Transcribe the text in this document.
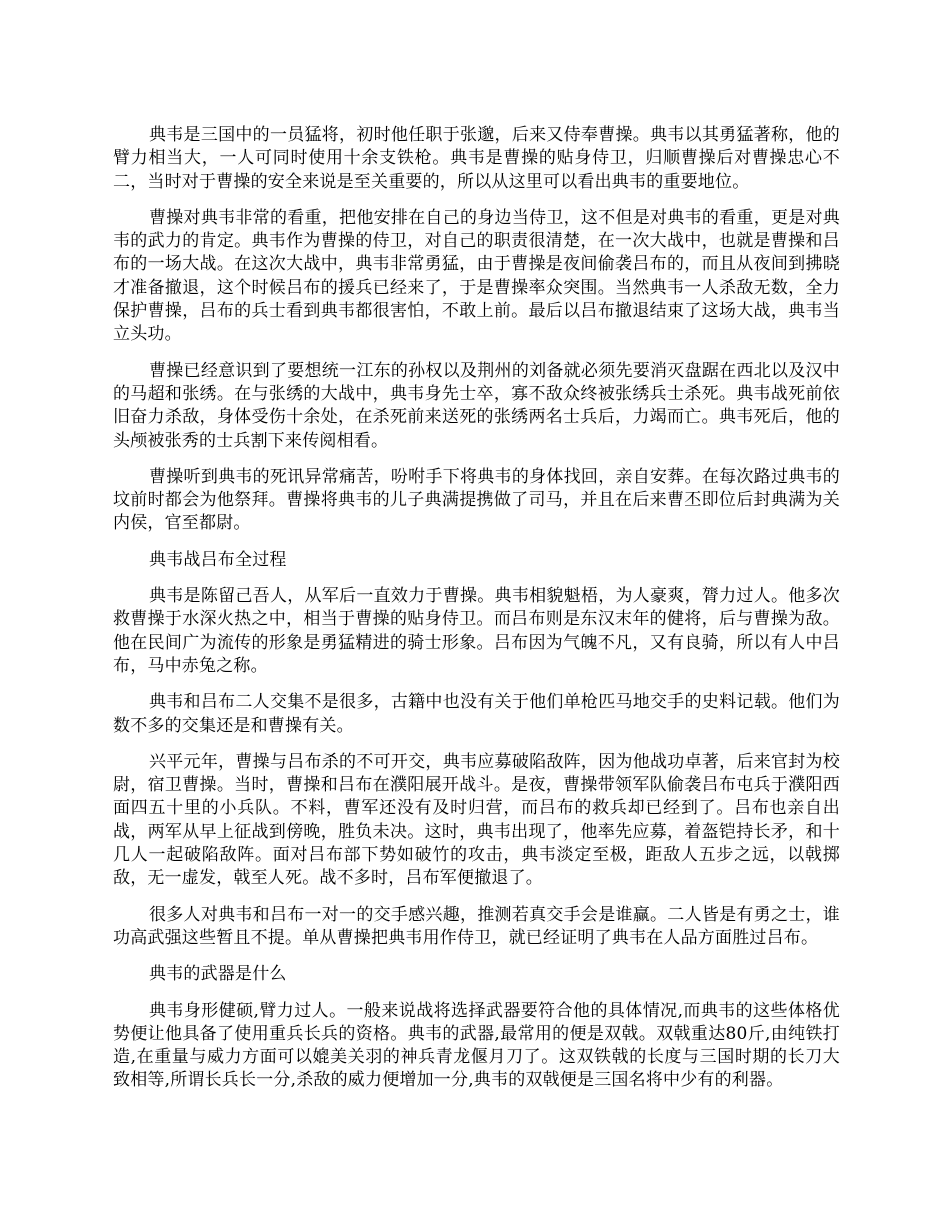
典韦是三国中的一员猛将，初时他任职于张邈，后来又侍奉曹操。典韦以其勇猛著称，他的臂力相当大，一人可同时使用十余支铁枪。典韦是曹操的贴身侍卫，归顺曹操后对曹操忠心不二，当时对于曹操的安全来说是至关重要的，所以从这里可以看出典韦的重要地位。

曹操对典韦非常的看重，把他安排在自己的身边当侍卫，这不但是对典韦的看重，更是对典韦的武力的肯定。典韦作为曹操的侍卫，对自己的职责很清楚，在一次大战中，也就是曹操和吕布的一场大战。在这次大战中，典韦非常勇猛，由于曹操是夜间偷袭吕布的，而且从夜间到拂晓才准备撤退，这个时候吕布的援兵已经来了，于是曹操率众突围。当然典韦一人杀敌无数，全力保护曹操，吕布的兵士看到典韦都很害怕，不敢上前。最后以吕布撤退结束了这场大战，典韦当立头功。

曹操已经意识到了要想统一江东的孙权以及荆州的刘备就必须先要消灭盘踞在西北以及汉中的马超和张绣。在与张绣的大战中，典韦身先士卒，寡不敌众终被张绣兵士杀死。典韦战死前依旧奋力杀敌，身体受伤十余处，在杀死前来送死的张绣两名士兵后，力竭而亡。典韦死后，他的头颅被张秀的士兵割下来传阅相看。

曹操听到典韦的死讯异常痛苦，吩咐手下将典韦的身体找回，亲自安葬。在每次路过典韦的坟前时都会为他祭拜。曹操将典韦的儿子典满提携做了司马，并且在后来曹丕即位后封典满为关内侯，官至都尉。

典韦战吕布全过程

典韦是陈留己吾人，从军后一直效力于曹操。典韦相貌魁梧，为人豪爽，膂力过人。他多次救曹操于水深火热之中，相当于曹操的贴身侍卫。而吕布则是东汉末年的健将，后与曹操为敌。他在民间广为流传的形象是勇猛精进的骑士形象。吕布因为气魄不凡，又有良骑，所以有人中吕布，马中赤兔之称。

典韦和吕布二人交集不是很多，古籍中也没有关于他们单枪匹马地交手的史料记载。他们为数不多的交集还是和曹操有关。

兴平元年，曹操与吕布杀的不可开交，典韦应募破陷敌阵，因为他战功卓著，后来官封为校尉，宿卫曹操。当时，曹操和吕布在濮阳展开战斗。是夜，曹操带领军队偷袭吕布屯兵于濮阳西面四五十里的小兵队。不料，曹军还没有及时归营，而吕布的救兵却已经到了。吕布也亲自出战，两军从早上征战到傍晚，胜负未决。这时，典韦出现了，他率先应募，着盔铠持长矛，和十几人一起破陷敌阵。面对吕布部下势如破竹的攻击，典韦淡定至极，距敌人五步之远，以戟掷敌，无一虚发，戟至人死。战不多时，吕布军便撤退了。

很多人对典韦和吕布一对一的交手感兴趣，推测若真交手会是谁赢。二人皆是有勇之士，谁功高武强这些暂且不提。单从曹操把典韦用作侍卫，就已经证明了典韦在人品方面胜过吕布。

典韦的武器是什么

典韦身形健硕,臂力过人。一般来说战将选择武器要符合他的具体情况,而典韦的这些体格优势便让他具备了使用重兵长兵的资格。典韦的武器,最常用的便是双戟。双戟重达80斤,由纯铁打造,在重量与威力方面可以媲美关羽的神兵青龙偃月刀了。这双铁戟的长度与三国时期的长刀大致相等,所谓长兵长一分,杀敌的威力便增加一分,典韦的双戟便是三国名将中少有的利器。
